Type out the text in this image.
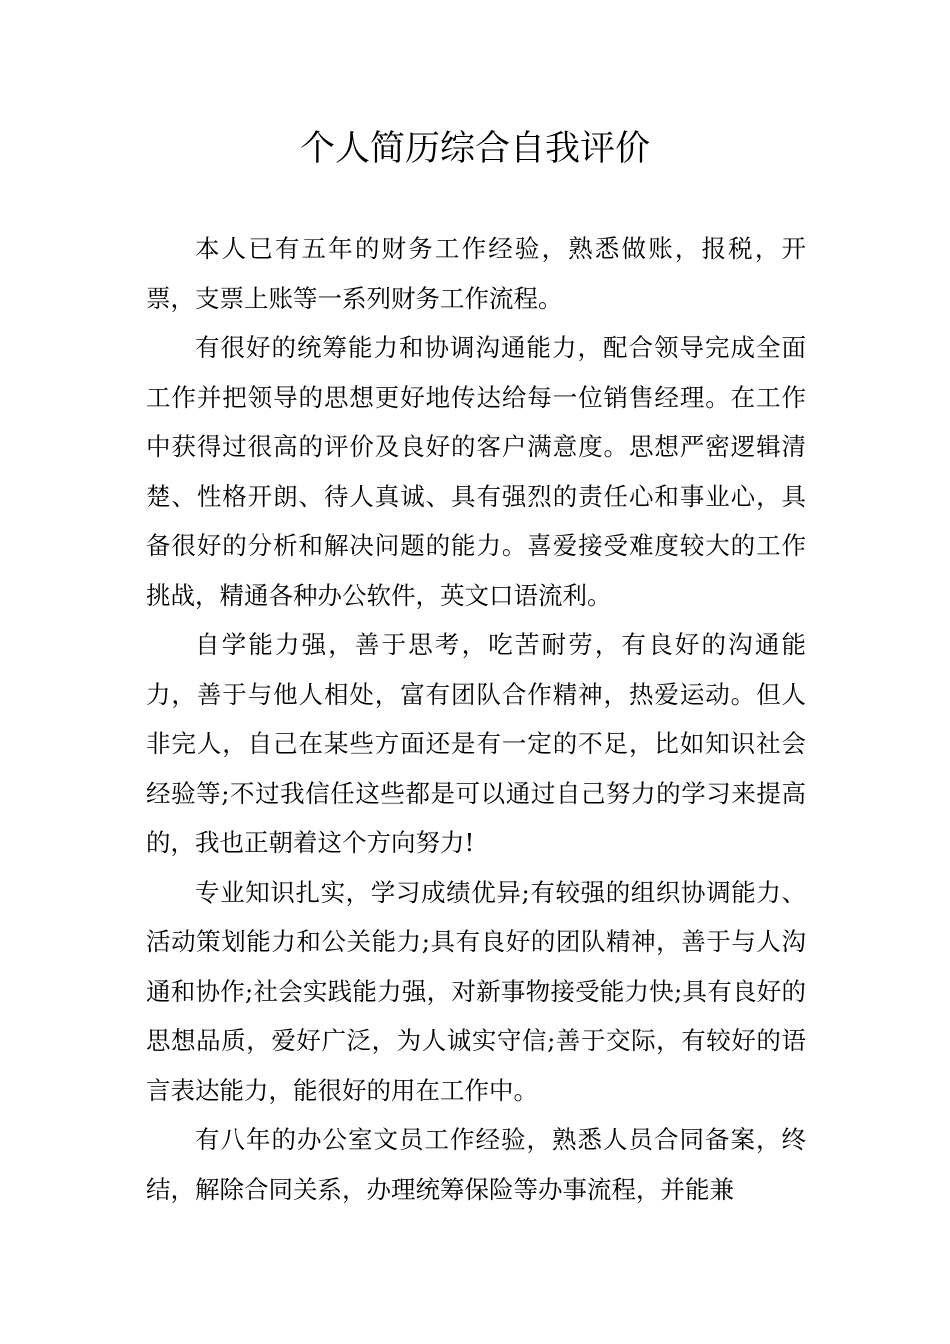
个人简历综合自我评价

本人已有五年的财务工作经验，熟悉做账，报税，开票，支票上账等一系列财务工作流程。

有很好的统筹能力和协调沟通能力，配合领导完成全面工作并把领导的思想更好地传达给每一位销售经理。在工作中获得过很高的评价及良好的客户满意度。思想严密逻辑清楚、性格开朗、待人真诚、具有强烈的责任心和事业心，具备很好的分析和解决问题的能力。喜爱接受难度较大的工作挑战，精通各种办公软件，英文口语流利。

自学能力强，善于思考，吃苦耐劳，有良好的沟通能力，善于与他人相处，富有团队合作精神，热爱运动。但人非完人，自己在某些方面还是有一定的不足，比如知识社会经验等;不过我信任这些都是可以通过自己努力的学习来提高的，我也正朝着这个方向努力!

专业知识扎实，学习成绩优异;有较强的组织协调能力、活动策划能力和公关能力;具有良好的团队精神，善于与人沟通和协作;社会实践能力强，对新事物接受能力快;具有良好的思想品质，爱好广泛，为人诚实守信;善于交际，有较好的语言表达能力，能很好的用在工作中。

有八年的办公室文员工作经验，熟悉人员合同备案，终结，解除合同关系，办理统筹保险等办事流程，并能兼
